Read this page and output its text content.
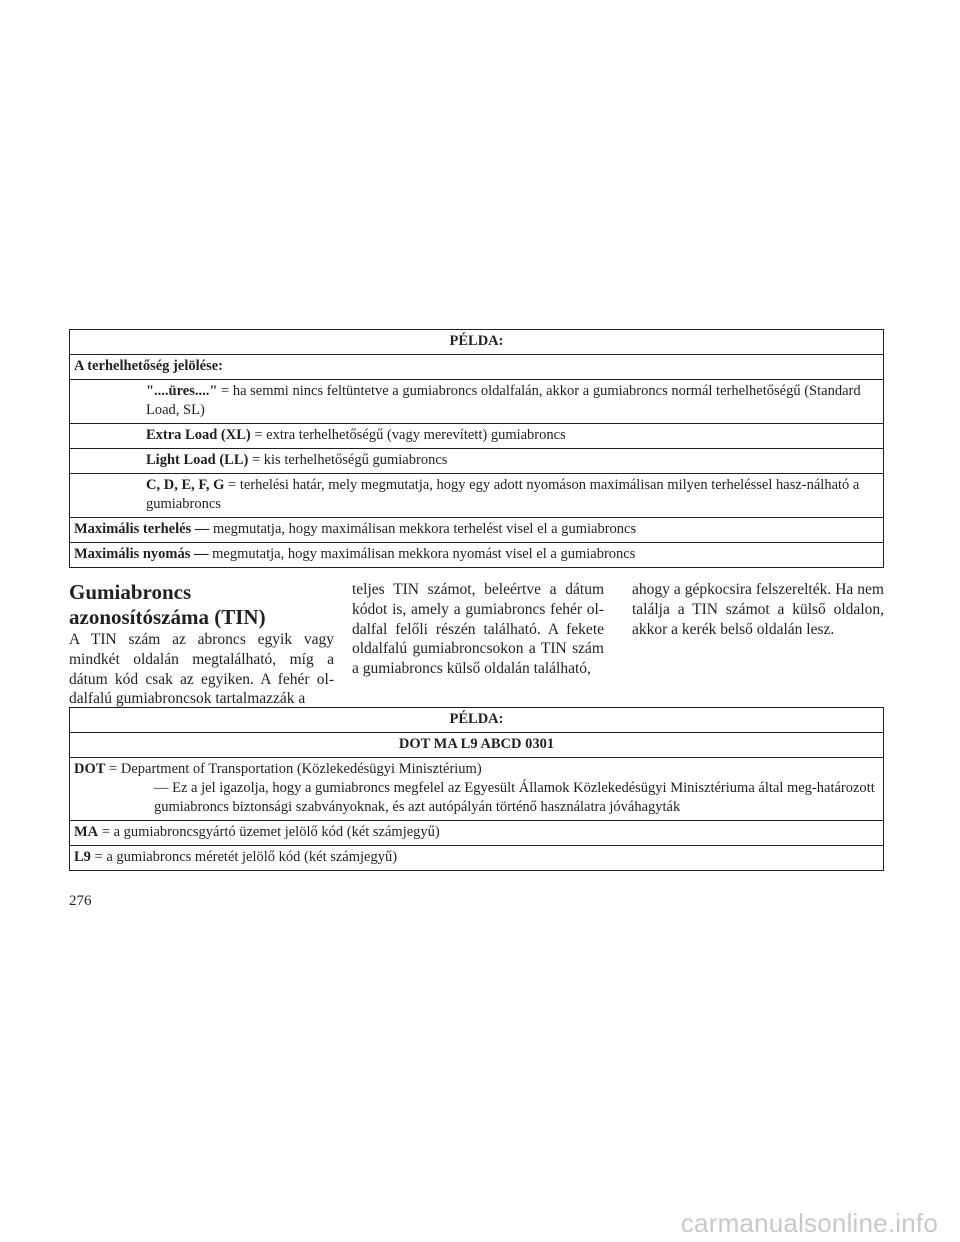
PÉLDA:
A terhelhetőség jelölése:
"....üres...." = ha semmi nincs feltüntetve a gumiabroncs oldalfalán, akkor a gumiabroncs normál terhelhetőségű (Standard Load, SL)
Extra Load (XL) = extra terhelhetőségű (vagy merevített) gumiabroncs
Light Load (LL) = kis terhelhetőségű gumiabroncs
C, D, E, F, G = terhelési határ, mely megmutatja, hogy egy adott nyomáson maximálisan milyen terheléssel hasz-nálható a gumiabroncs
Maximális terhelés — megmutatja, hogy maximálisan mekkora terhelést visel el a gumiabroncs
Maximális nyomás — megmutatja, hogy maximálisan mekkora nyomást visel el a gumiabroncs
Gumiabroncs azonosítószáma (TIN)
A TIN szám az abroncs egyik vagy mindkét oldalán megtalálható, míg a dátum kód csak az egyiken. A fehér ol-dalfalú gumiabroncsok tartalmazzák a
teljes TIN számot, beleértve a dátum kódot is, amely a gumiabroncs fehér ol-dalfal felőli részén található. A fekete oldalfalú gumiabroncsokon a TIN szám a gumiabroncs külső oldalán található,
ahogy a gépkocsira felszerelték. Ha nem találja a TIN számot a külső oldalon, akkor a kerék belső oldalán lesz.
PÉLDA:
DOT MA L9 ABCD 0301
DOT = Department of Transportation (Közlekedésügyi Minisztérium)
— Ez a jel igazolja, hogy a gumiabroncs megfelel az Egyesült Államok Közlekedésügyi Minisztériuma által meg-határozott gumiabroncs biztonsági szabványoknak, és azt autópályán történő használatra jóváhagyták
MA = a gumiabroncsgyártó üzemet jelölő kód (két számjegyű)
L9 = a gumiabroncs méretét jelölő kód (két számjegyű)
276
carmanualsonline.info
